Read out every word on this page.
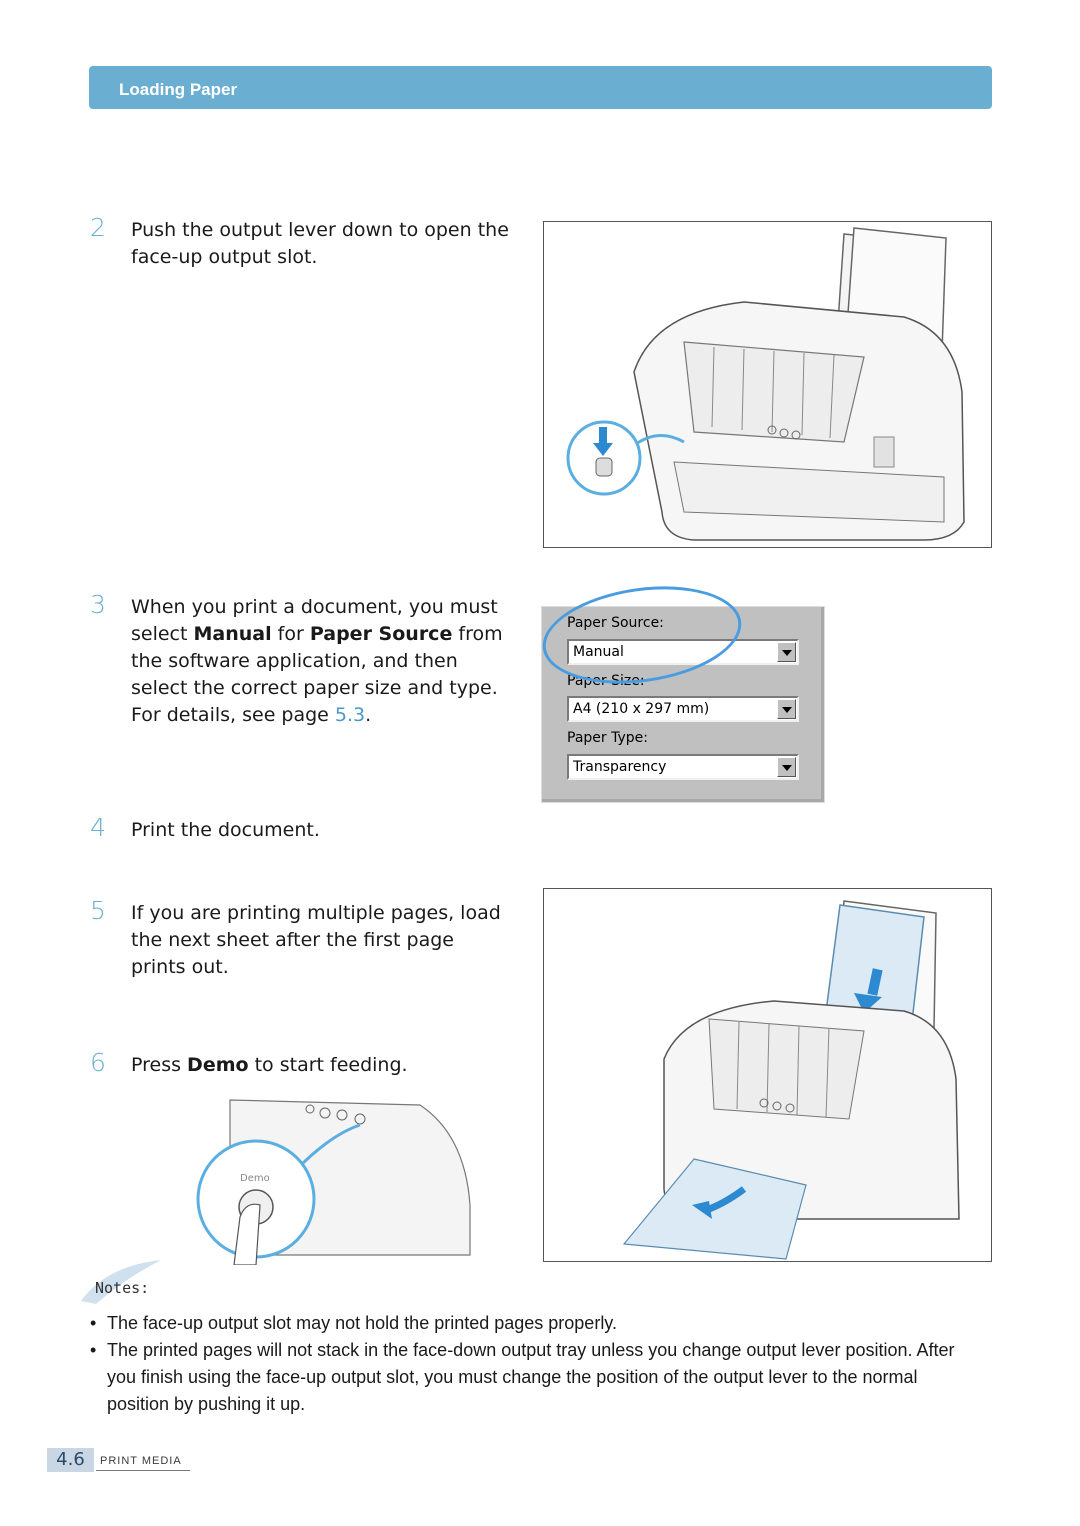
Loading Paper
2 Push the output lever down to open the face-up output slot.
3 When you print a document, you must select Manual for Paper Source from the software application, and then select the correct paper size and type. For details, see page 5.3.
Paper Source:
Manual
Paper Size:
A4 (210 x 297 mm)
Paper Type:
Transparency
4 Print the document.
5 If you are printing multiple pages, load the next sheet after the first page prints out.
6 Press Demo to start feeding.
Demo
Notes:
• The face-up output slot may not hold the printed pages properly.
• The printed pages will not stack in the face-down output tray unless you change output lever position. After you finish using the face-up output slot, you must change the position of the output lever to the normal position by pushing it up.
4.6	PRINT MEDIA
